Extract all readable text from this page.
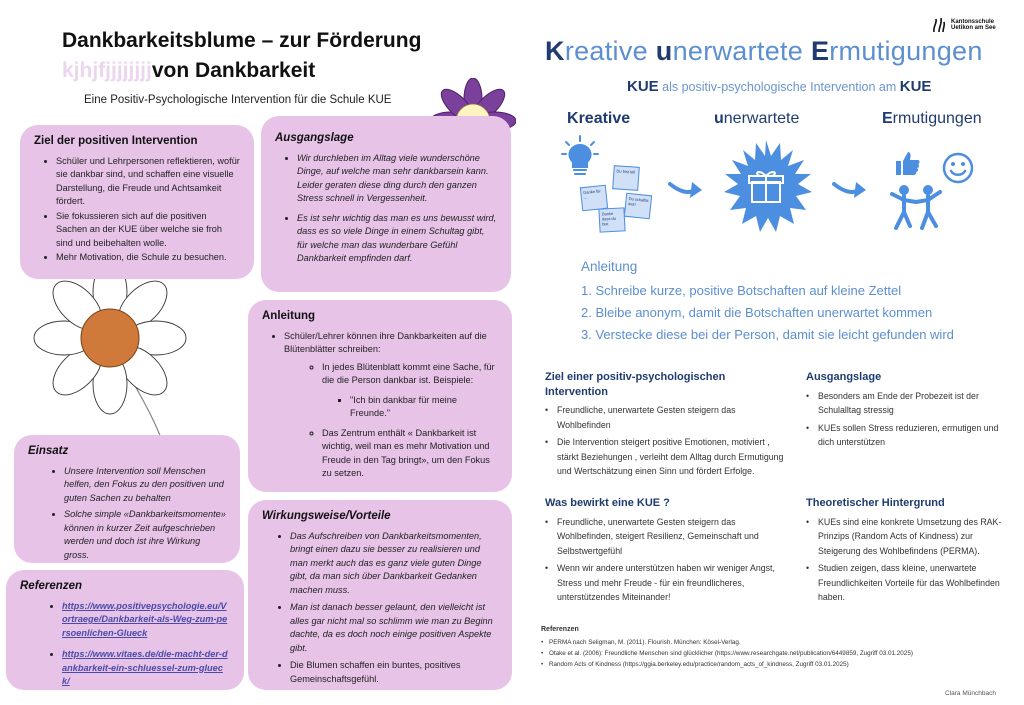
Dankbarkeitsblume – zur Förderung
kjhjfjjjjjjjjvon Dankbarkeit
Eine Positiv-Psychologische Intervention für die Schule KUE
Ziel der positiven Intervention
• Schüler und Lehrpersonen reflektieren, wofür sie dankbar sind, und schaffen eine visuelle Darstellung, die Freude und Achtsamkeit fördert.
• Sie fokussieren sich auf die positiven Sachen an der KUE über welche sie froh sind und beibehalten wolle.
• Mehr Motivation, die Schule zu besuchen.
Ausgangslage
• Wir durchleben im Alltag viele wunderschöne Dinge, auf welche man sehr dankbarsein kann. Leider geraten diese ding durch den ganzen Stress schnell in Vergessenheit.
• Es ist sehr wichtig das man es uns bewusst wird, dass es so viele Dinge in einem Schultag gibt, für welche man das wunderbare Gefühl Dankbarkeit empfinden darf.
Anleitung
• Schüler/Lehrer können ihre Dankbarkeiten auf die Blütenblätter schreiben:
◦ In jedes Blütenblatt kommt eine Sache, für die die Person dankbar ist. Beispiele:
▪ "Ich bin dankbar für meine Freunde."
◦ Das Zentrum enthält « Dankbarkeit ist wichtig, weil man es mehr Motivation und Freude in den Tag bringt», um den Fokus zu setzen.
Einsatz
• Unsere Intervention soll Menschen helfen, den Fokus zu den positiven und guten Sachen zu behalten
• Solche simple «Dankbarkeitsmomente» können in kurzer Zeit aufgeschrieben werden und doch ist ihre Wirkung gross.
Wirkungsweise/Vorteile
• Das Aufschreiben von Dankbarkeitsmomenten, bringt einen dazu sie besser zu realisieren und man merkt auch das es ganz viele guten Dinge gibt, da man sich über Dankbarkeit Gedanken machen muss.
• Man ist danach besser gelaunt, den vielleicht ist alles gar nicht mal so schlimm wie man zu Beginn dachte, da es doch noch einige positiven Aspekte gibt.
• Die Blumen schaffen ein buntes, positives Gemeinschaftsgefühl.
Referenzen
• https://www.positivepsychologie.eu/Vortraege/Dankbarkeit-als-Weg-zum-persoenlichen-Glueck
• https://www.vitaes.de/die-macht-der-dankbarkeit-ein-schluessel-zum-glueck/
Kantonsschule
Uetikon am See
Kreative unerwartete Ermutigungen
KUE als positiv-psychologische Intervention am KUE
Kreative	unerwartete	Ermutigungen
Du bist toll
Danke für ...	Du schaffst das!
Danke dass du bist
Anleitung
1. Schreibe kurze, positive Botschaften auf kleine Zettel
2. Bleibe anonym, damit die Botschaften unerwartet kommen
3. Verstecke diese bei der Person, damit sie leicht gefunden wird
Ziel einer positiv-psychologischen Intervention
• Freundliche, unerwartete Gesten steigern das Wohlbefinden
• Die Intervention steigert positive Emotionen, motiviert , stärkt Beziehungen , verleiht dem Alltag durch Ermutigung und Wertschätzung einen Sinn und fördert Erfolge.
Ausgangslage
• Besonders am Ende der Probezeit ist der Schulalltag stressig
• KUEs sollen Stress reduzieren, ermutigen und dich unterstützen
Was bewirkt eine KUE ?
• Freundliche, unerwartete Gesten steigern das Wohlbefinden, steigert Resilienz, Gemeinschaft und Selbstwertgefühl
• Wenn wir andere unterstützen haben wir weniger Angst, Stress und mehr Freude - für ein freundlicheres, unterstützendes Miteinander!
Theoretischer Hintergrund
• KUEs sind eine konkrete Umsetzung des RAK-Prinzips (Random Acts of Kindness) zur Steigerung des Wohlbefindens (PERMA).
• Studien zeigen, dass kleine, unerwartete Freundlichkeiten Vorteile für das Wohlbefinden haben.
Referenzen
• PERMA nach Seligman, M. (2011). Flourish. München: Kösel-Verlag.
• Otake et al. (2006): Freundliche Menschen sind glücklicher (https://www.researchgate.net/publication/6449859, Zugriff 03.01.2025)
• Random Acts of Kindness (https://ggia.berkeley.edu/practice/random_acts_of_kindness, Zugriff 03.01.2025)
Clara Münchbach
